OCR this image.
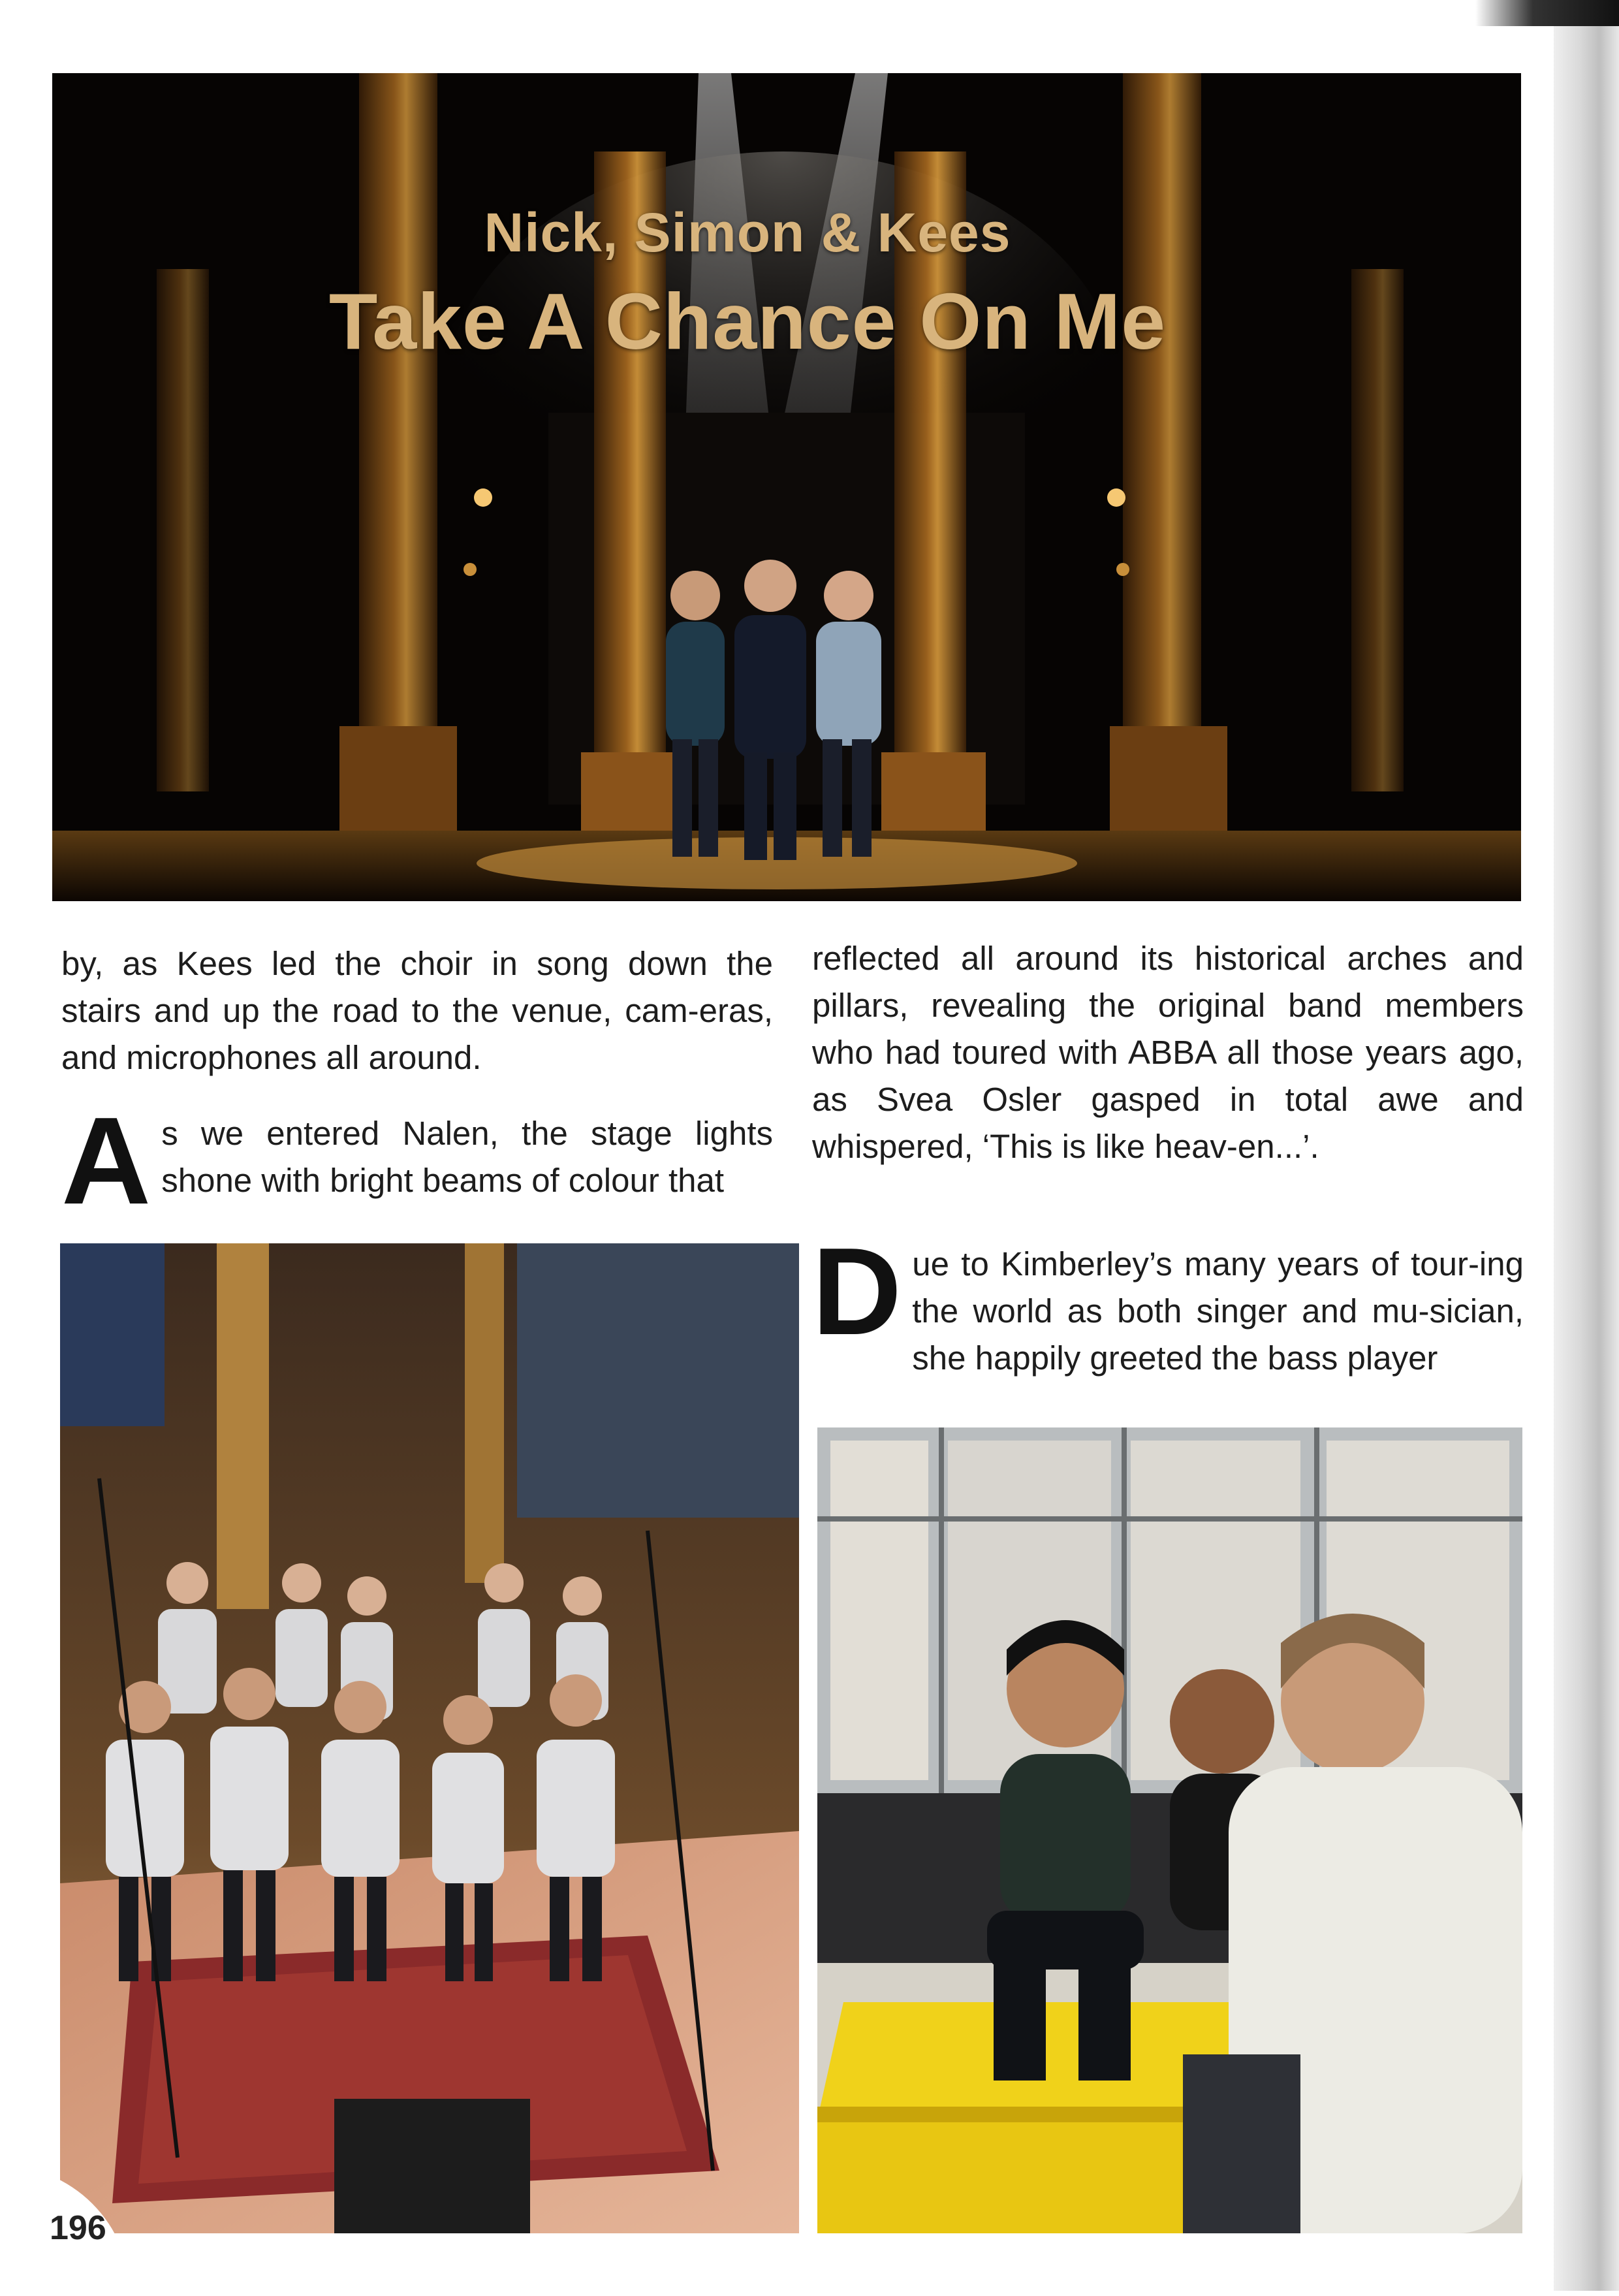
Nick, Simon & Kees
Take A Chance On Me

by, as Kees led the choir in song down the stairs and up the road to the venue, cam-eras, and microphones all around.

As we entered Nalen, the stage lights shone with bright beams of colour that

reflected all around its historical arches and pillars, revealing the original band members who had toured with ABBA all those years ago, as Svea Osler gasped in total awe and whispered, ‘This is like heav-en...’.

Due to Kimberley’s many years of tour-ing the world as both singer and mu-sician, she happily greeted the bass player

196
